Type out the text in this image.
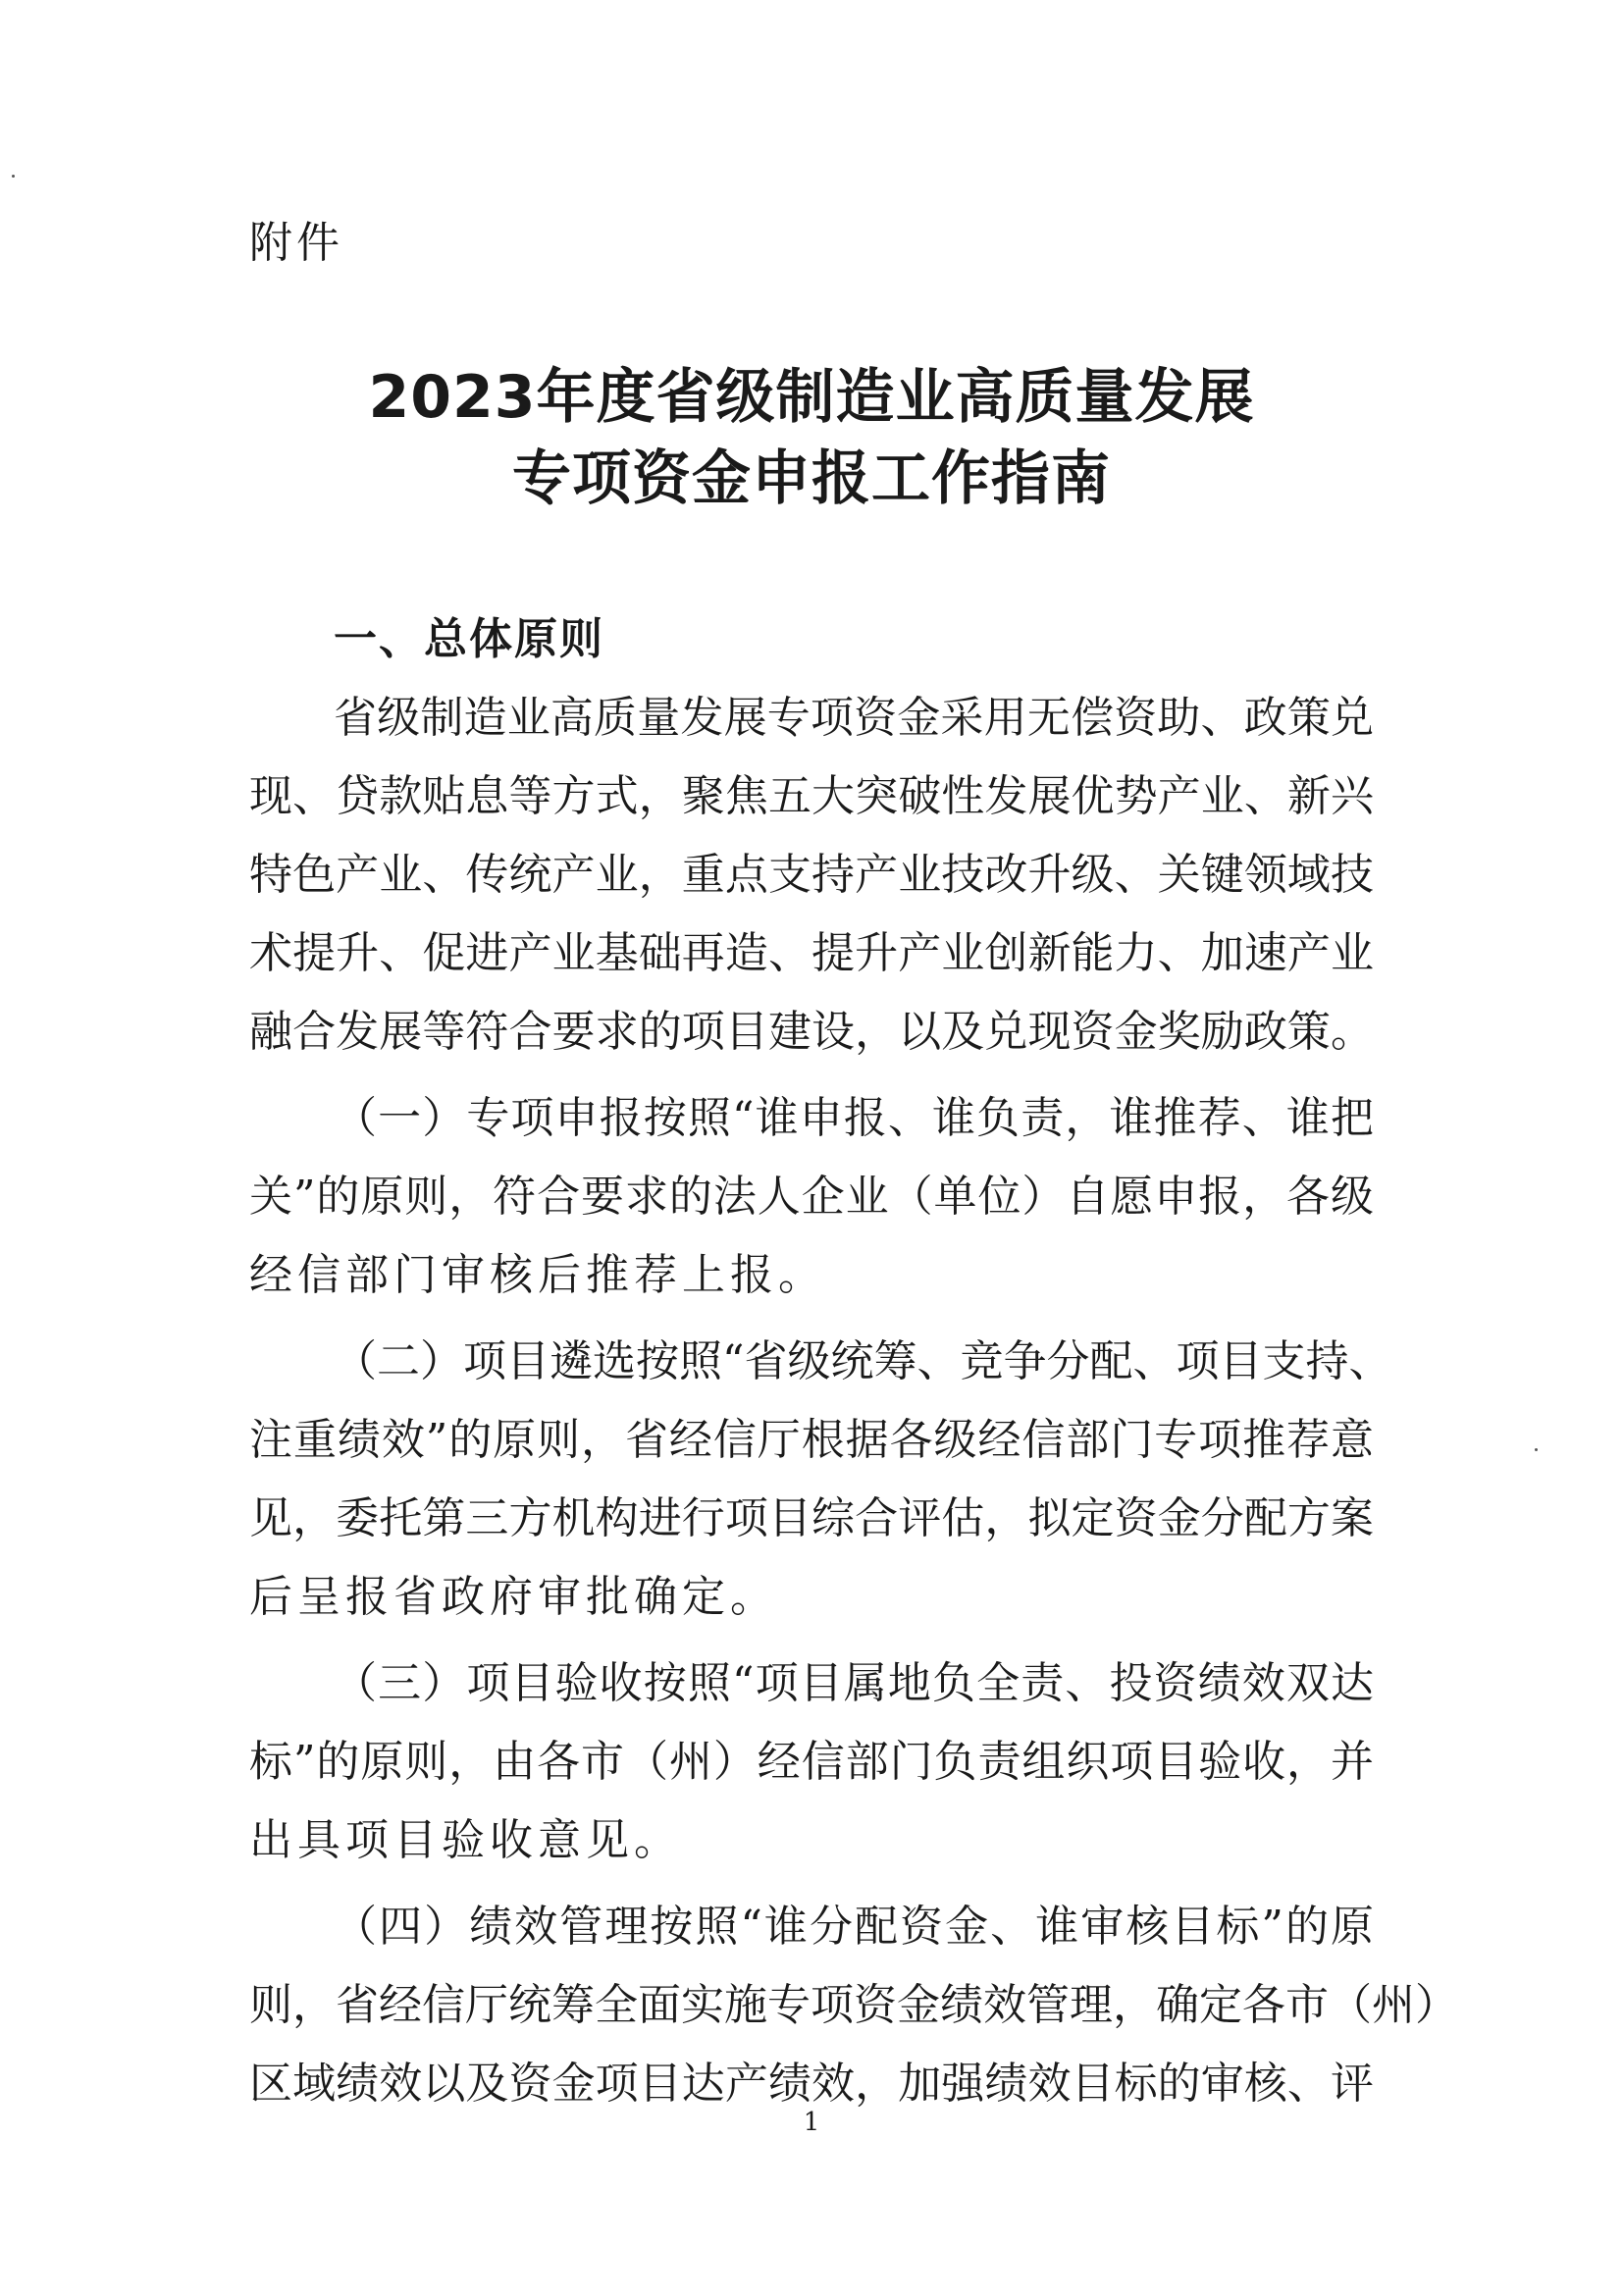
附件
2023年度省级制造业高质量发展
专项资金申报工作指南
一、总体原则
省级制造业高质量发展专项资金采用无偿资助、政策兑
现、贷款贴息等方式，聚焦五大突破性发展优势产业、新兴
特色产业、传统产业，重点支持产业技改升级、关键领域技
术提升、促进产业基础再造、提升产业创新能力、加速产业
融合发展等符合要求的项目建设，以及兑现资金奖励政策。
（一）专项申报按照“谁申报、谁负责，谁推荐、谁把
关”的原则，符合要求的法人企业（单位）自愿申报，各级
经信部门审核后推荐上报。
（二）项目遴选按照“省级统筹、竞争分配、项目支持、
注重绩效”的原则，省经信厅根据各级经信部门专项推荐意
见，委托第三方机构进行项目综合评估，拟定资金分配方案
后呈报省政府审批确定。
（三）项目验收按照“项目属地负全责、投资绩效双达
标”的原则，由各市（州）经信部门负责组织项目验收，并
出具项目验收意见。
（四）绩效管理按照“谁分配资金、谁审核目标”的原
则，省经信厅统筹全面实施专项资金绩效管理，确定各市（州）
区域绩效以及资金项目达产绩效，加强绩效目标的审核、评
1
